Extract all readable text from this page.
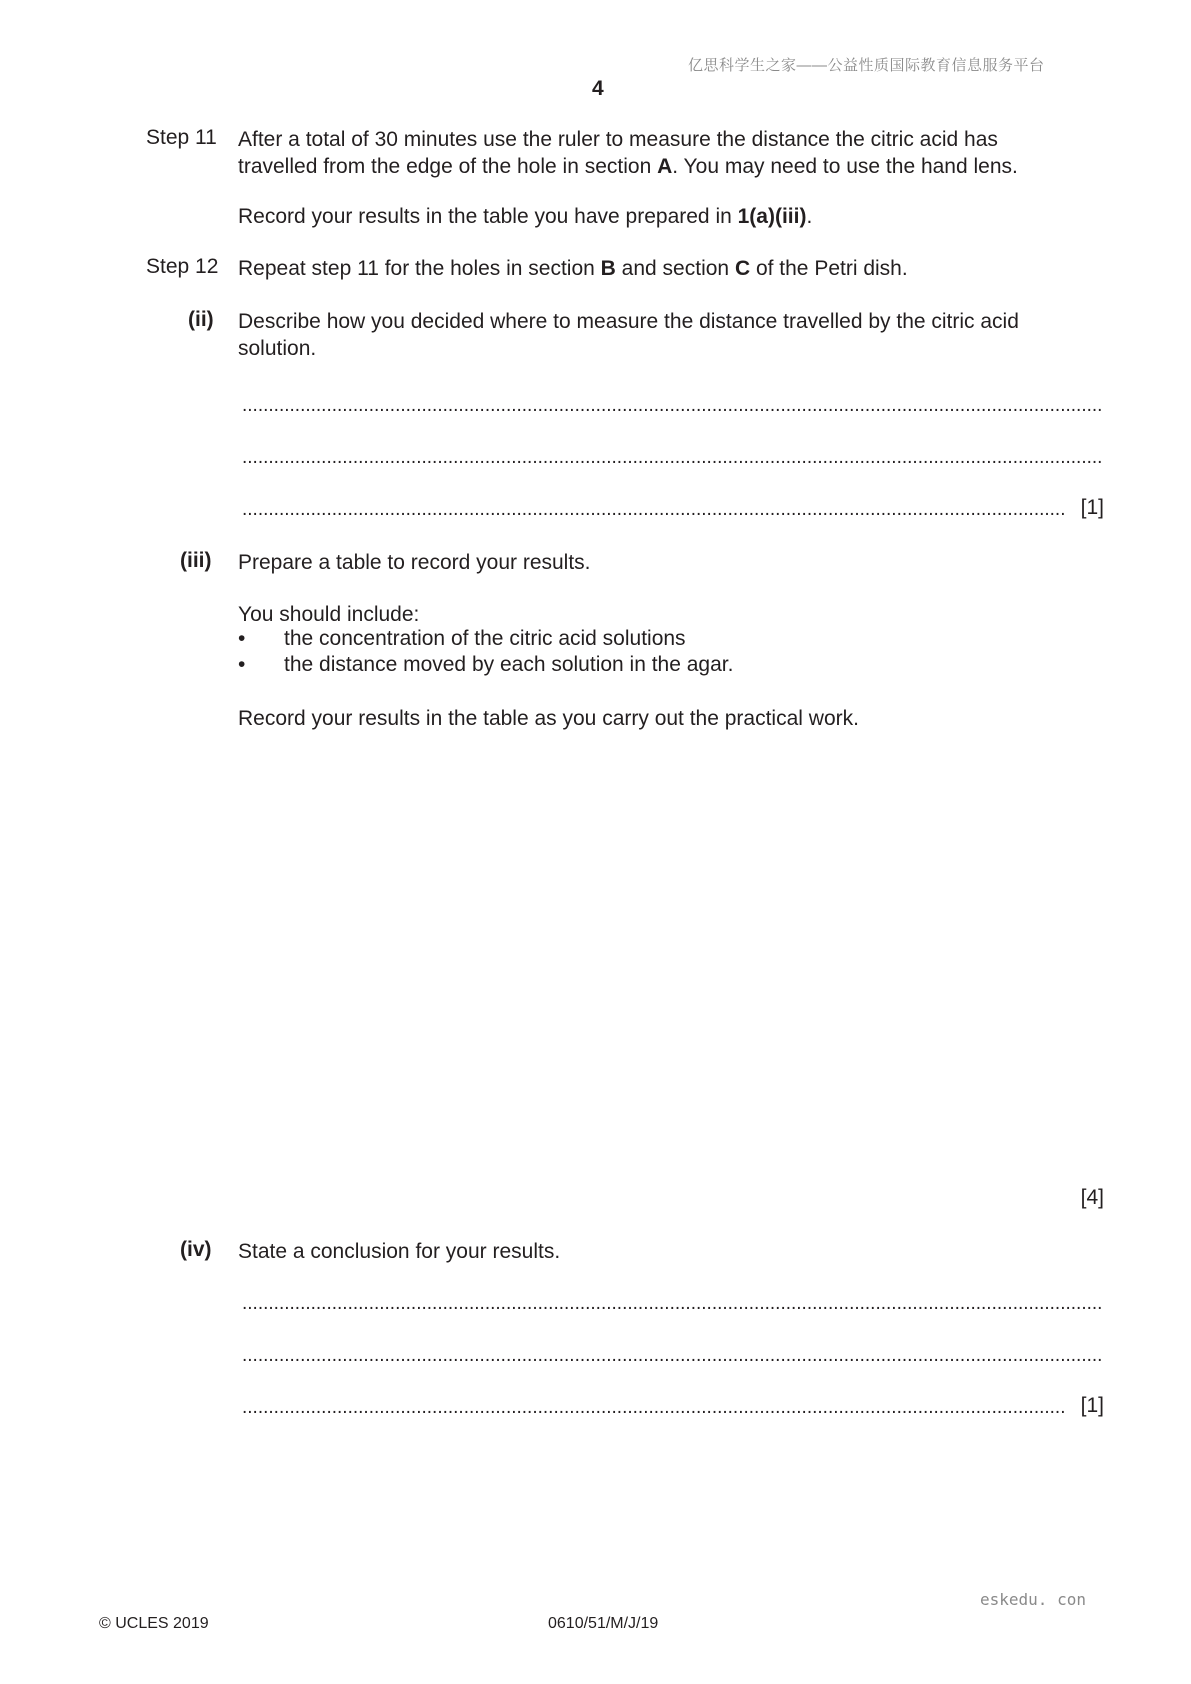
亿思科学生之家——公益性质国际教育信息服务平台
4
Step 11 After a total of 30 minutes use the ruler to measure the distance the citric acid has
travelled from the edge of the hole in section A. You may need to use the hand lens.
Record your results in the table you have prepared in 1(a)(iii).
Step 12 Repeat step 11 for the holes in section B and section C of the Petri dish.
(ii) Describe how you decided where to measure the distance travelled by the citric acid
solution.
.....
.....
.....
[1]
(iii) Prepare a table to record your results.
You should include:
• the concentration of the citric acid solutions
• the distance moved by each solution in the agar.
Record your results in the table as you carry out the practical work.
[4]
(iv) State a conclusion for your results.
.....
.....
.....
[1]
eskedu. con
© UCLES 2019	0610/51/M/J/19
